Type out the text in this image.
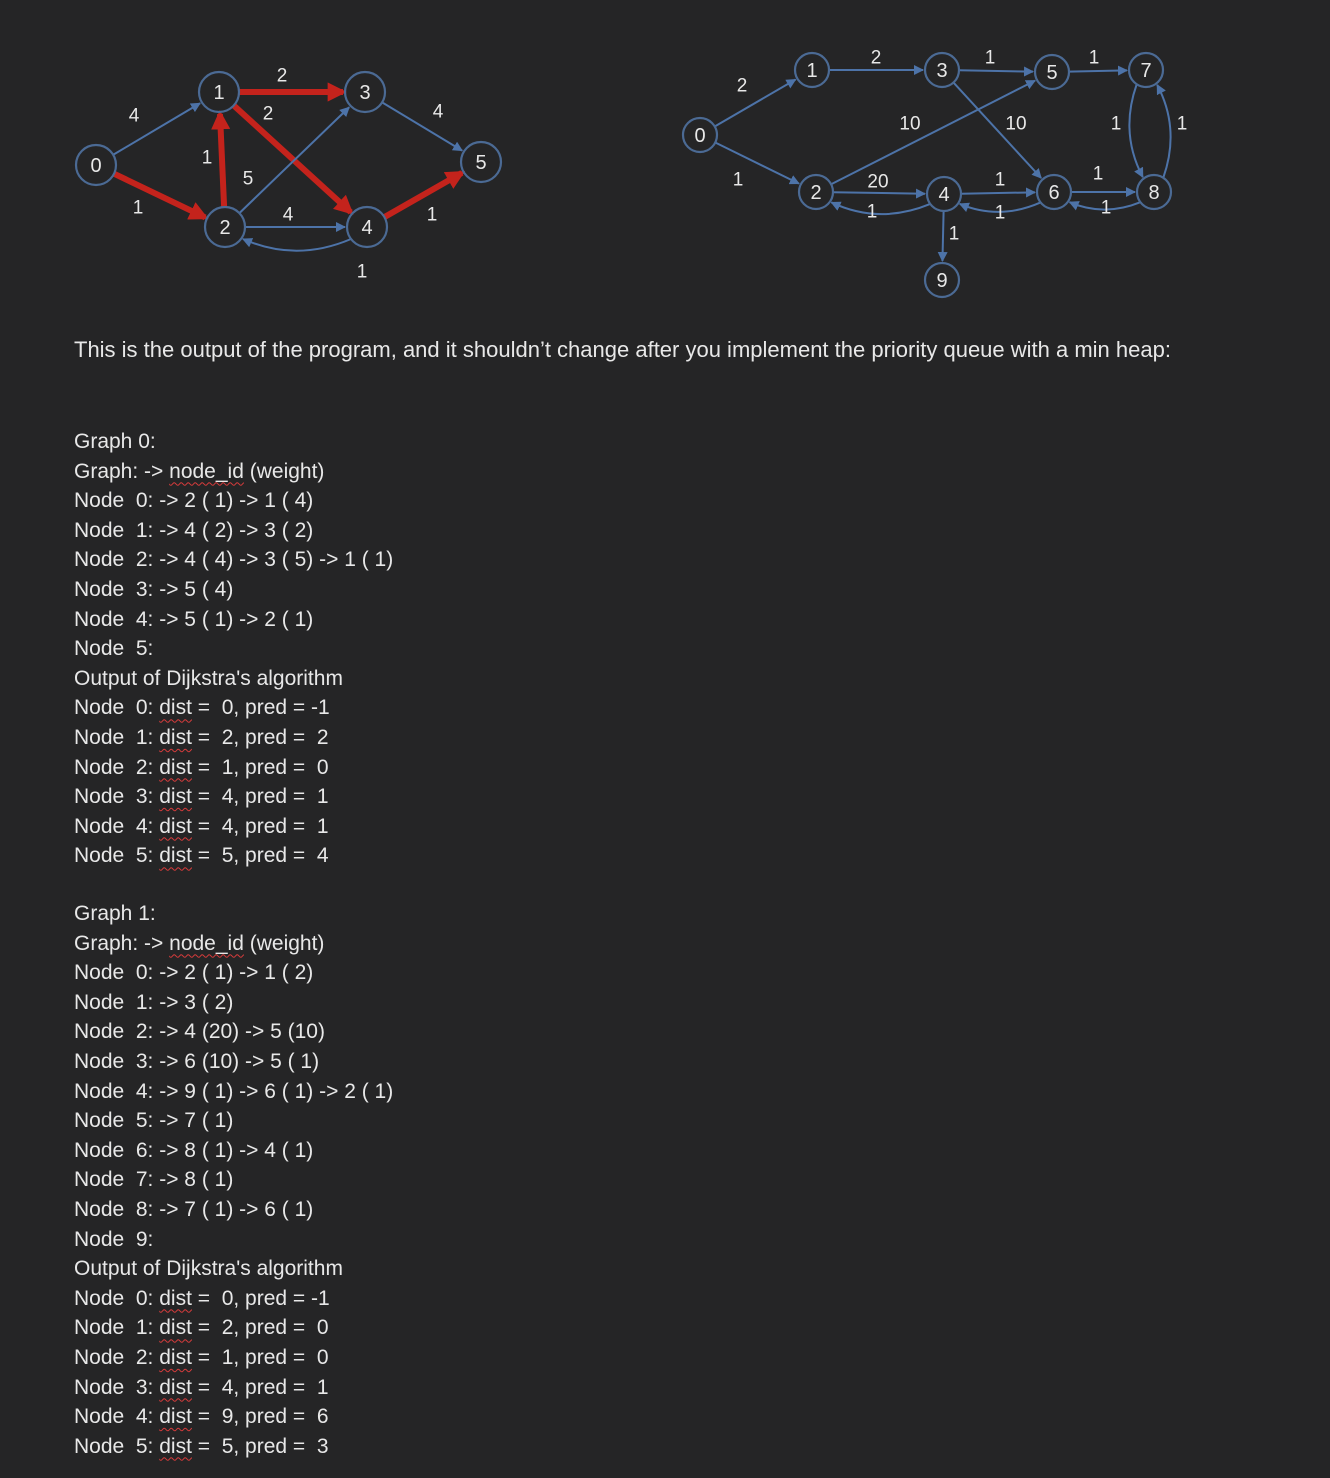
4
1
1
2
2
5
4
4
1
1
0
1
2
3
4
5
2
1
2
20
10	10
1
1
1
1
1
1
1
1	1
1
0
1
2
3
4
5
6
7
8
9

This is the output of the program, and it shouldn’t change after you implement the priority queue with a min heap:

Graph 0:
Graph: -> node_id (weight)
Node  0: -> 2 ( 1) -> 1 ( 4)
Node  1: -> 4 ( 2) -> 3 ( 2)
Node  2: -> 4 ( 4) -> 3 ( 5) -> 1 ( 1)
Node  3: -> 5 ( 4)
Node  4: -> 5 ( 1) -> 2 ( 1)
Node  5:
Output of Dijkstra's algorithm
Node  0: dist =  0, pred = -1
Node  1: dist =  2, pred =  2
Node  2: dist =  1, pred =  0
Node  3: dist =  4, pred =  1
Node  4: dist =  4, pred =  1
Node  5: dist =  5, pred =  4
Graph 1:
Graph: -> node_id (weight)
Node  0: -> 2 ( 1) -> 1 ( 2)
Node  1: -> 3 ( 2)
Node  2: -> 4 (20) -> 5 (10)
Node  3: -> 6 (10) -> 5 ( 1)
Node  4: -> 9 ( 1) -> 6 ( 1) -> 2 ( 1)
Node  5: -> 7 ( 1)
Node  6: -> 8 ( 1) -> 4 ( 1)
Node  7: -> 8 ( 1)
Node  8: -> 7 ( 1) -> 6 ( 1)
Node  9:
Output of Dijkstra's algorithm
Node  0: dist =  0, pred = -1
Node  1: dist =  2, pred =  0
Node  2: dist =  1, pred =  0
Node  3: dist =  4, pred =  1
Node  4: dist =  9, pred =  6
Node  5: dist =  5, pred =  3
